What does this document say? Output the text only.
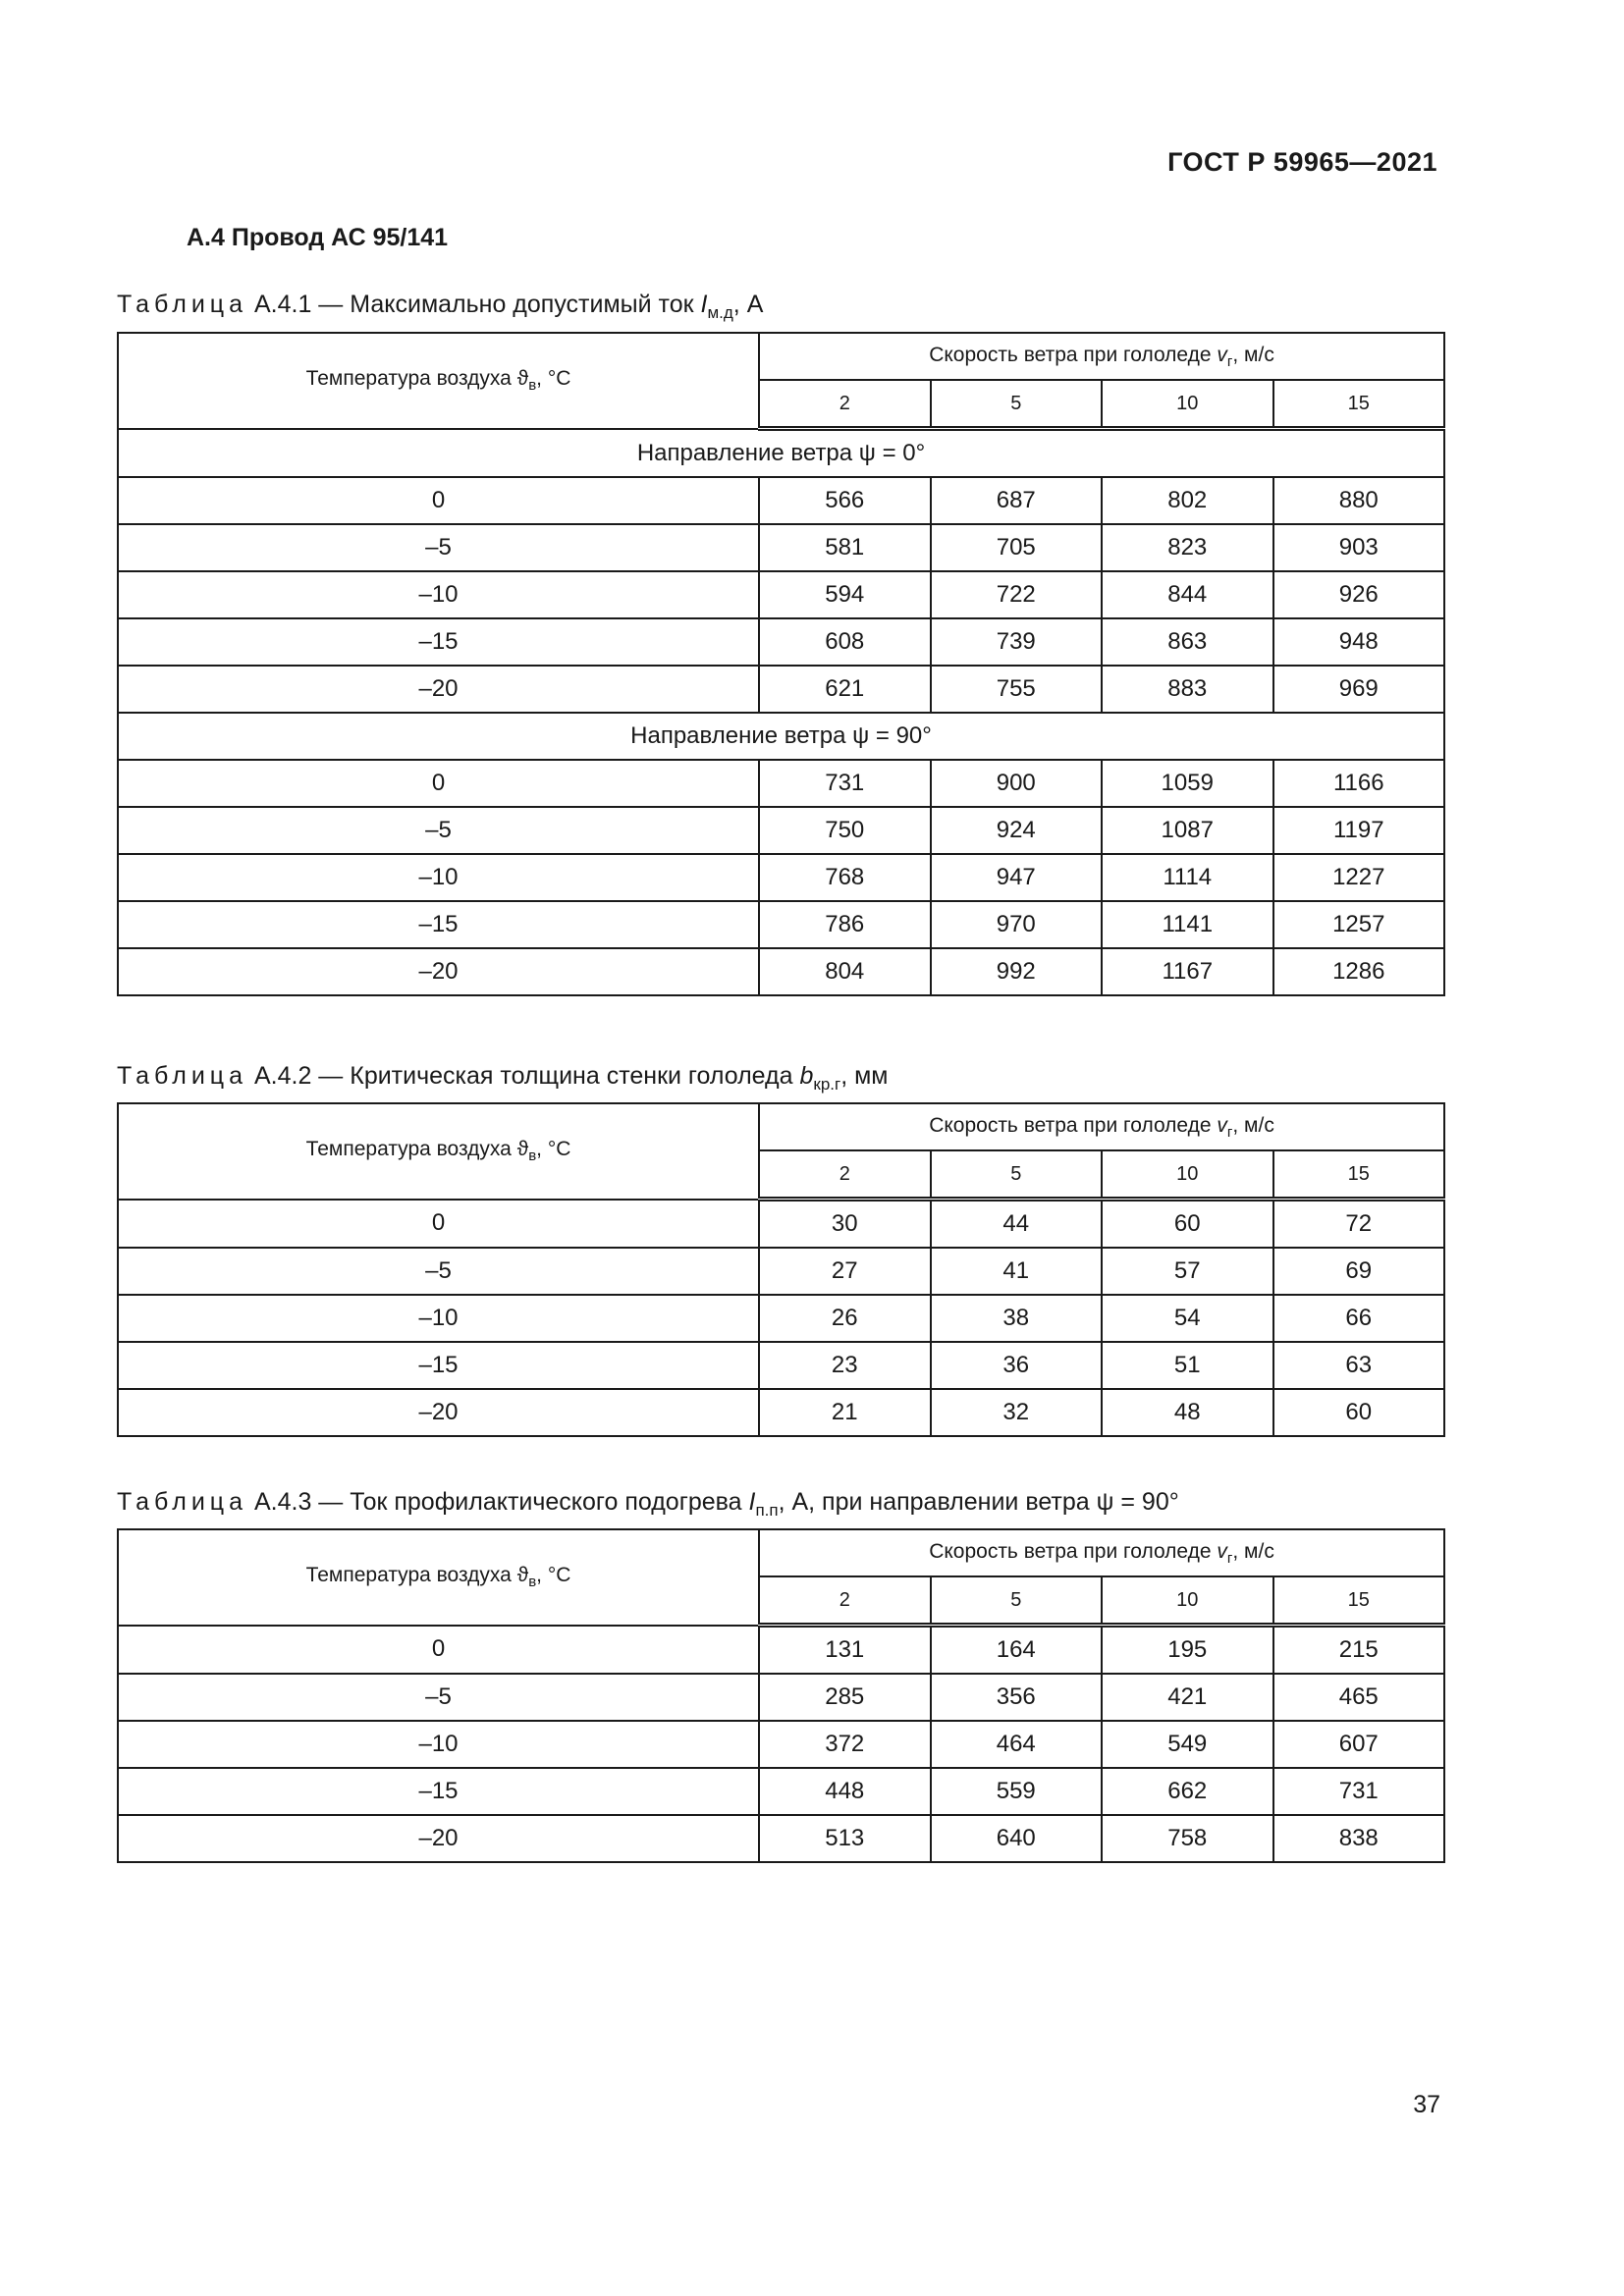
ГОСТ Р 59965—2021
А.4 Провод АС 95/141
Таблица А.4.1 — Максимально допустимый ток $I_{м.д}$, А
Температура воздуха $ϑ_в$, °С	Скорость ветра при гололеде $v_г$, м/с			
	2	5	10	15
Направление ветра ψ = 0°				
0	566	687	802	880
–5	581	705	823	903
–10	594	722	844	926
–15	608	739	863	948
–20	621	755	883	969
Направление ветра ψ = 90°				
0	731	900	1059	1166
–5	750	924	1087	1197
–10	768	947	1114	1227
–15	786	970	1141	1257
–20	804	992	1167	1286
Таблица А.4.2 — Критическая толщина стенки гололеда $b_{кр.г}$, мм
Температура воздуха $ϑ_в$, °С	Скорость ветра при гололеде $v_г$, м/с			
	2	5	10	15
0	30	44	60	72
–5	27	41	57	69
–10	26	38	54	66
–15	23	36	51	63
–20	21	32	48	60
Таблица А.4.3 — Ток профилактического подогрева $I_{п.п}$, А, при направлении ветра ψ = 90°
Температура воздуха $ϑ_в$, °С	Скорость ветра при гололеде $v_г$, м/с			
	2	5	10	15
0	131	164	195	215
–5	285	356	421	465
–10	372	464	549	607
–15	448	559	662	731
–20	513	640	758	838
37
